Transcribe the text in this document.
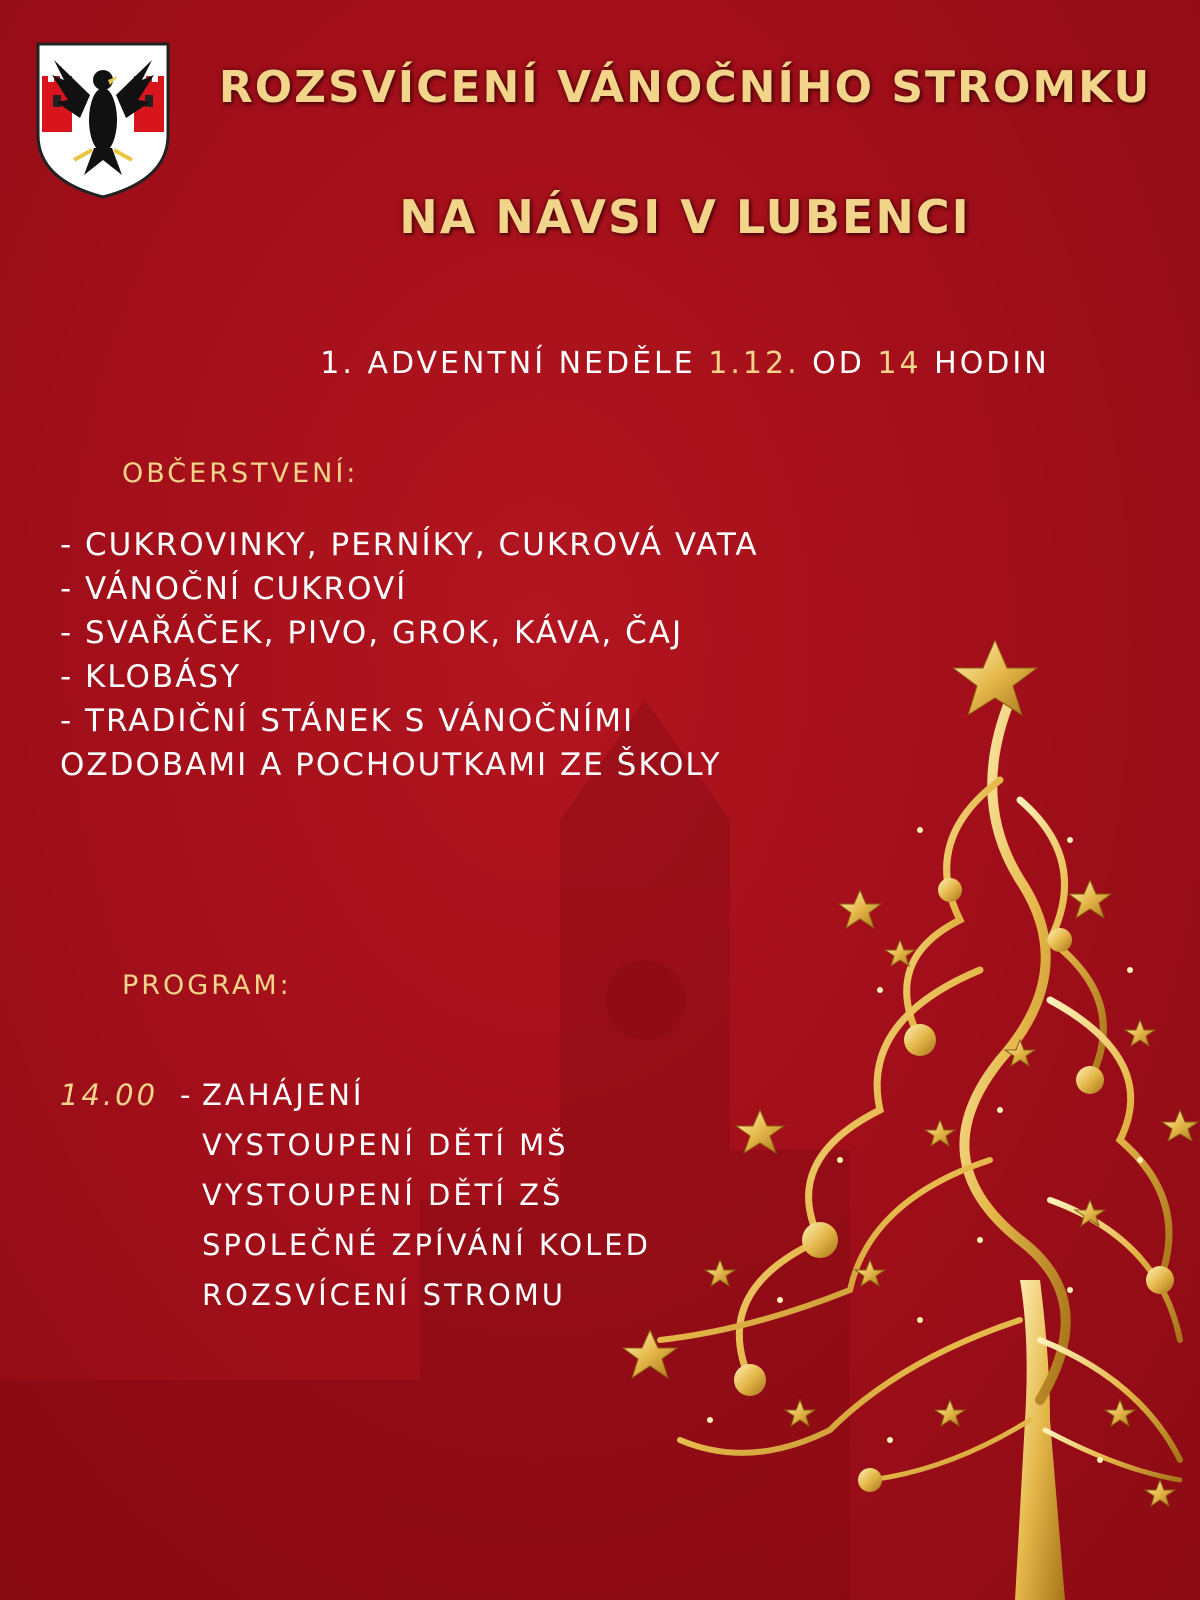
ROZSVÍCENÍ VÁNOČNÍHO STROMKU
NA NÁVSI V LUBENCI
1. ADVENTNÍ NEDĚLE 1.12. OD 14 HODIN
OBČERSTVENÍ:
- CUKROVINKY, PERNÍKY, CUKROVÁ VATA
- VÁNOČNÍ CUKROVÍ
- SVAŘÁČEK, PIVO, GROK, KÁVA, ČAJ
- KLOBÁSY
- TRADIČNÍ STÁNEK S VÁNOČNÍMI
OZDOBAMI A POCHOUTKAMI ZE ŠKOLY
PROGRAM:
14.00 - ZAHÁJENÍ
VYSTOUPENÍ DĚTÍ MŠ
VYSTOUPENÍ DĚTÍ ZŠ
SPOLEČNÉ ZPÍVÁNÍ KOLED
ROZSVÍCENÍ STROMU
